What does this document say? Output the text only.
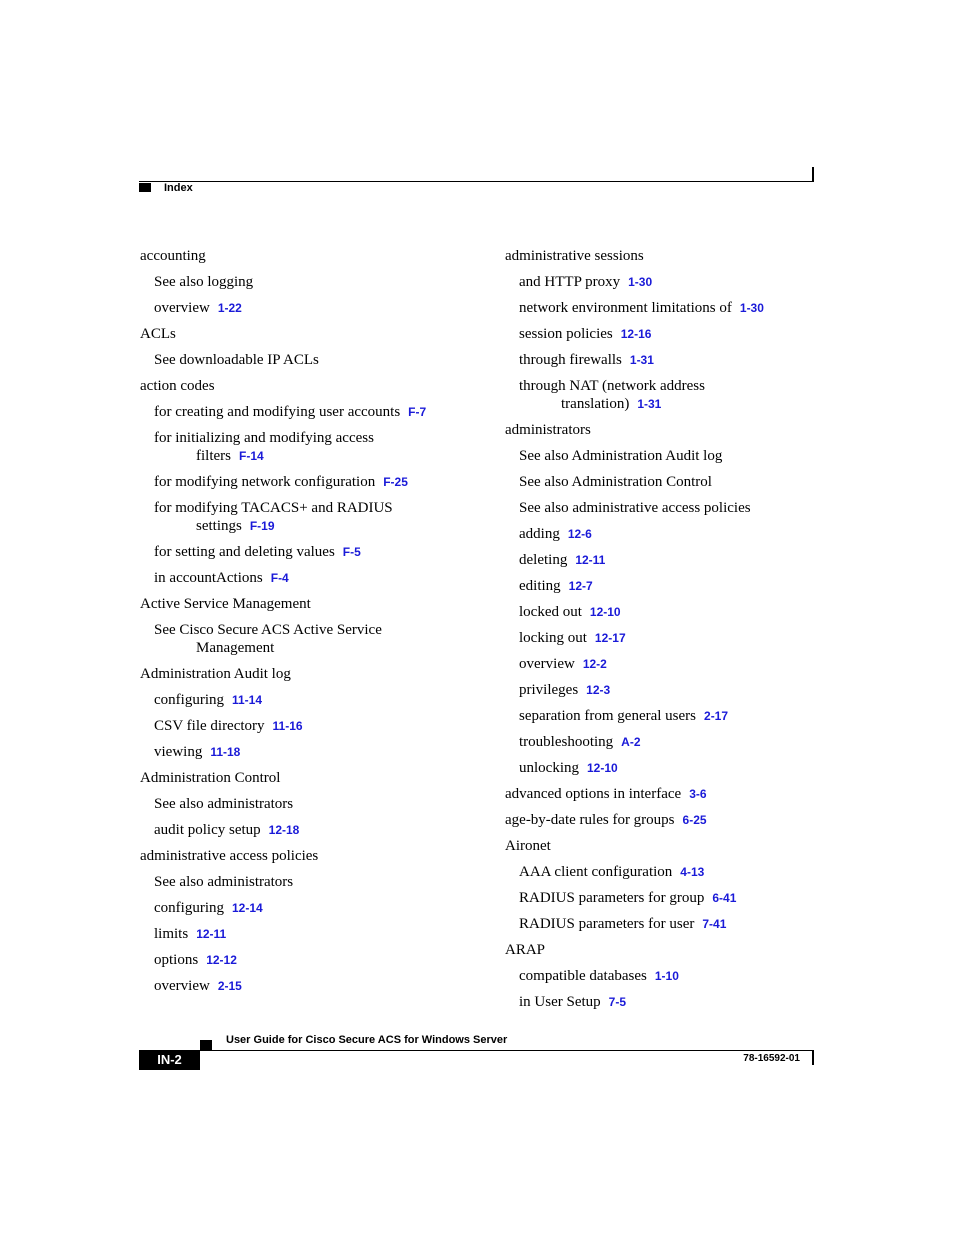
Index
accounting
See also logging
overview 1-22
ACLs
See downloadable IP ACLs
action codes
for creating and modifying user accounts F-7
for initializing and modifying access
filters F-14
for modifying network configuration F-25
for modifying TACACS+ and RADIUS
settings F-19
for setting and deleting values F-5
in accountActions F-4
Active Service Management
See Cisco Secure ACS Active Service
Management
Administration Audit log
configuring 11-14
CSV file directory 11-16
viewing 11-18
Administration Control
See also administrators
audit policy setup 12-18
administrative access policies
See also administrators
configuring 12-14
limits 12-11
options 12-12
overview 2-15
administrative sessions
and HTTP proxy 1-30
network environment limitations of 1-30
session policies 12-16
through firewalls 1-31
through NAT (network address
translation) 1-31
administrators
See also Administration Audit log
See also Administration Control
See also administrative access policies
adding 12-6
deleting 12-11
editing 12-7
locked out 12-10
locking out 12-17
overview 12-2
privileges 12-3
separation from general users 2-17
troubleshooting A-2
unlocking 12-10
advanced options in interface 3-6
age-by-date rules for groups 6-25
Aironet
AAA client configuration 4-13
RADIUS parameters for group 6-41
RADIUS parameters for user 7-41
ARAP
compatible databases 1-10
in User Setup 7-5
User Guide for Cisco Secure ACS for Windows Server
IN-2	78-16592-01
